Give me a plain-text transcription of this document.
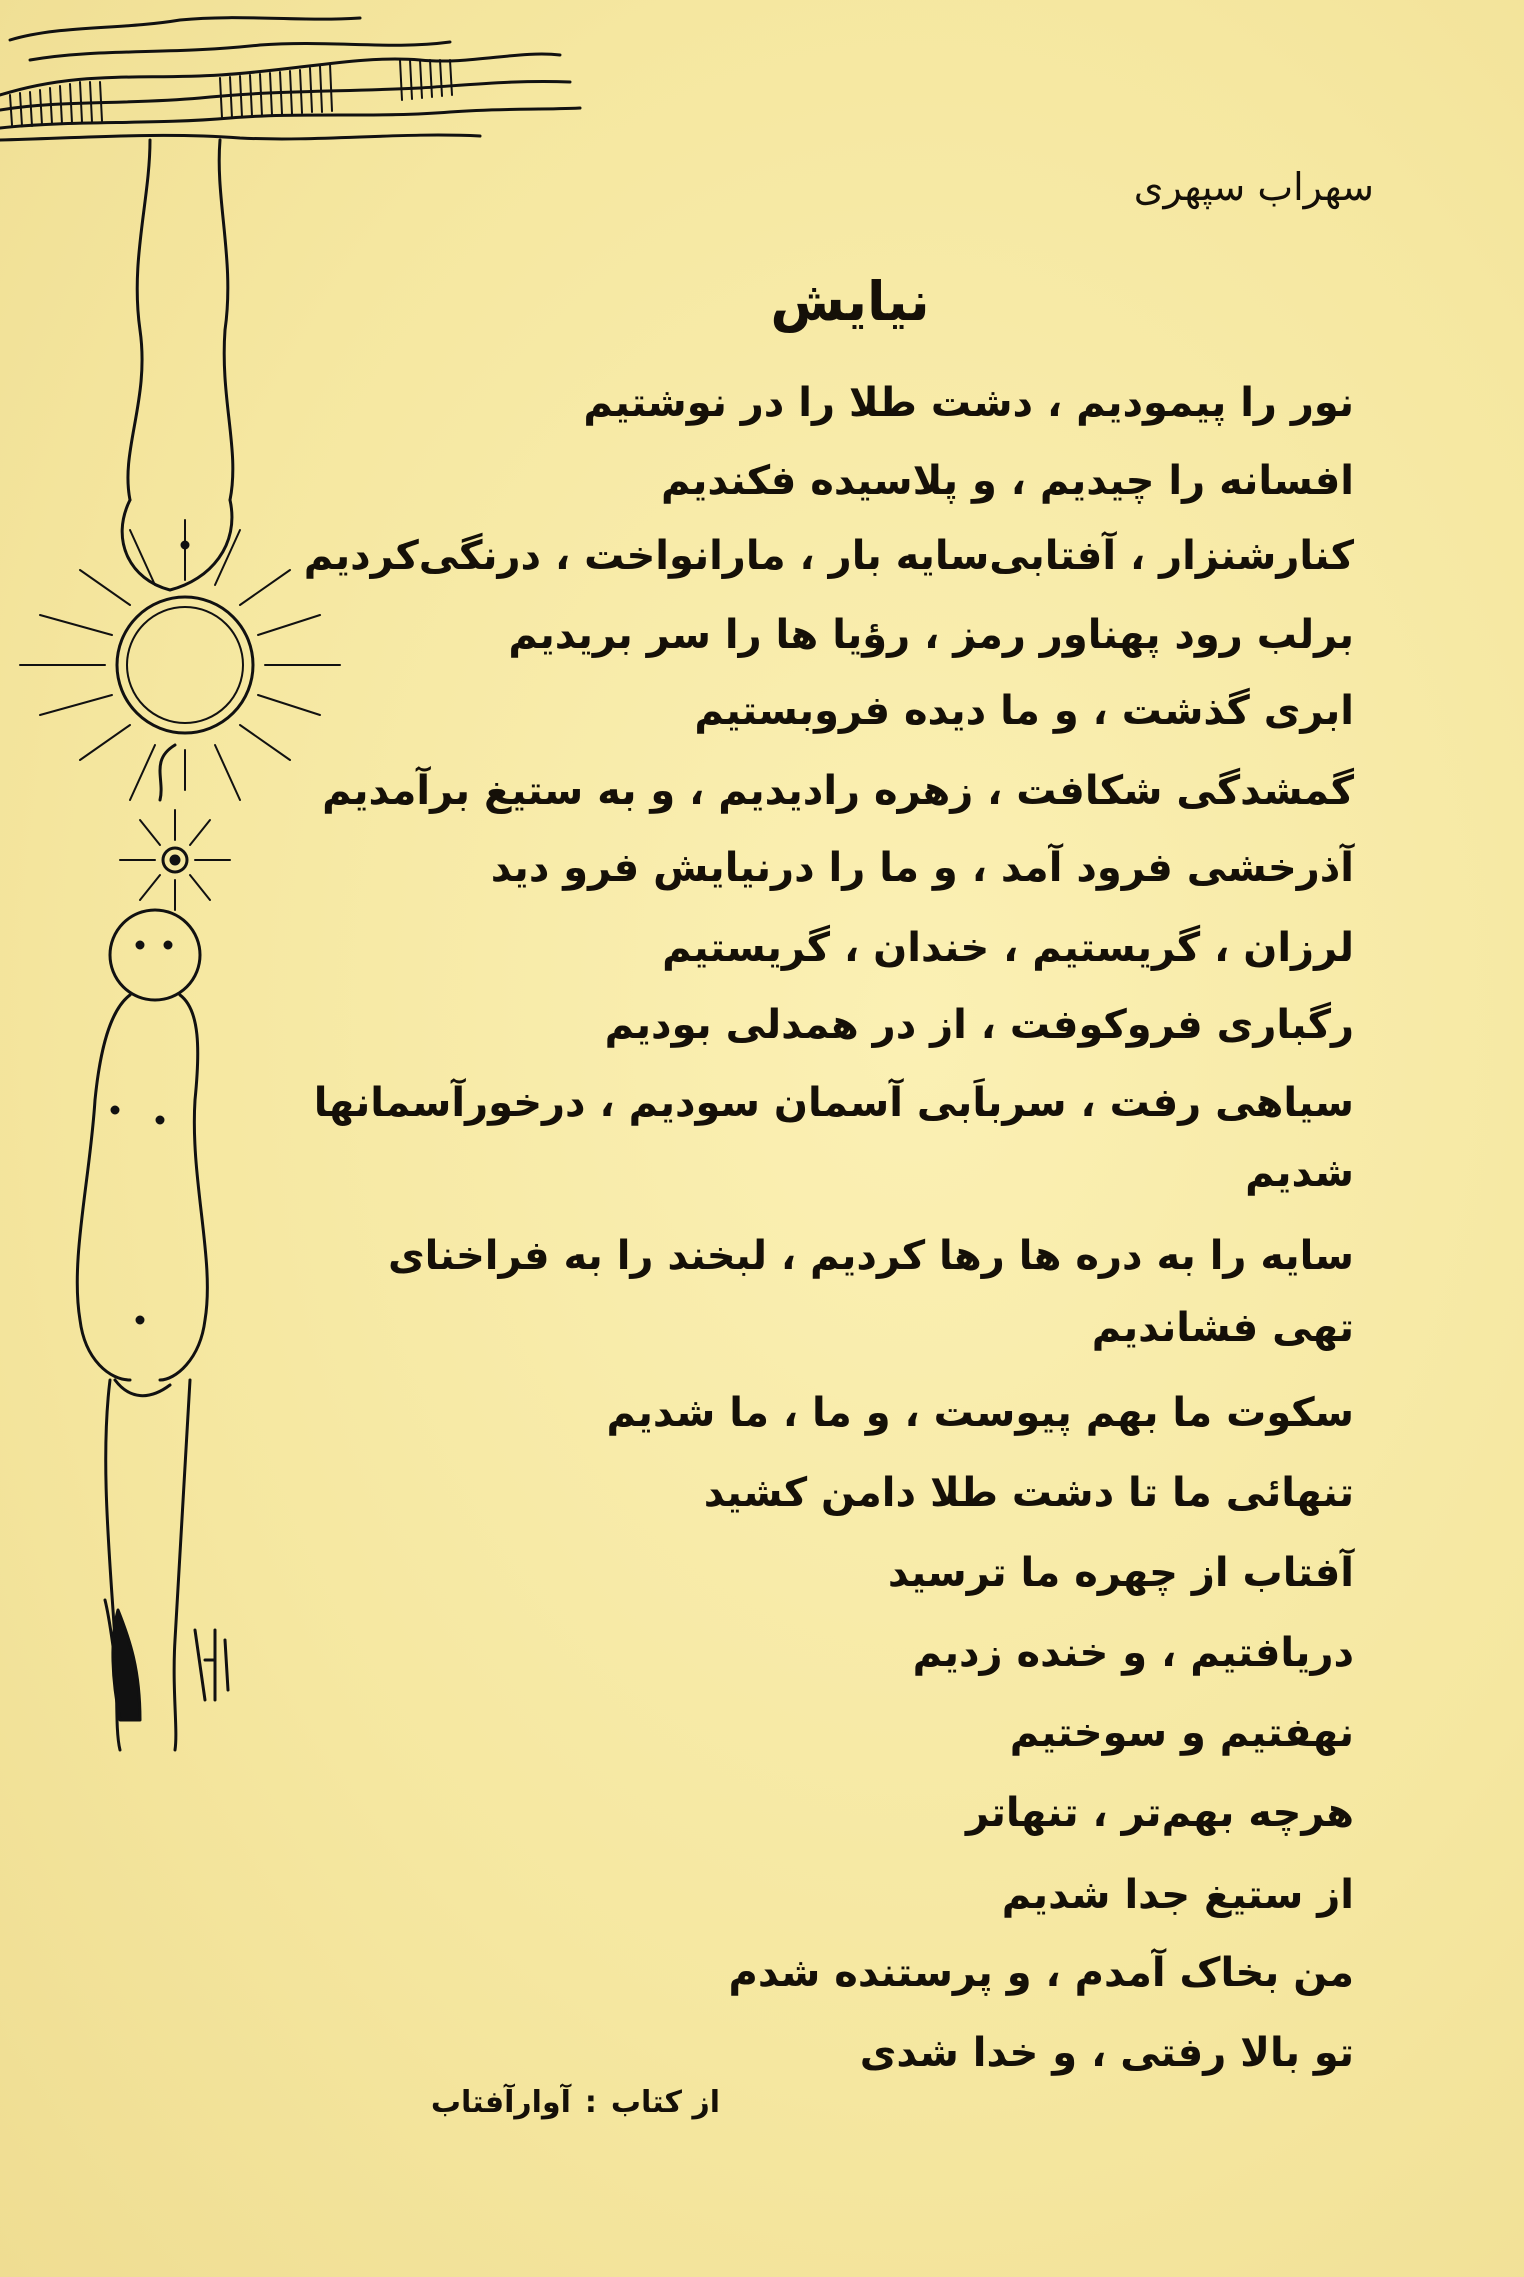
سهراب سپهری
نیایش
نور را پیمودیم ، دشت طلا را در نوشتیم
افسانه را چیدیم ، و پلاسیده فکندیم
کنارشنزار ، آفتابی‌سایه بار ، مارانواخت ، درنگی‌کردیم
برلب رود پهناور رمز ، رؤیا ها را سر بریدیم
ابری گذشت ، و ما دیده فروبستیم
گمشدگی شکافت ، زهره رادیدیم ، و به ستیغ برآمدیم
آذرخشی فرود آمد ، و ما را درنیایش فرو دید
لرزان ، گریستیم ، خندان ، گریستیم
رگباری فروکوفت ، از در همدلی بودیم
سیاهی رفت ، سرباَبی آسمان سودیم ، درخورآسمانها
شدیم
سایه را به دره ها رها کردیم ، لبخند را به فراخنای
تهی فشاندیم
سکوت ما بهم پیوست ، و ما ، ما شدیم
تنهائی ما تا دشت طلا دامن کشید
آفتاب از چهره ما ترسید
دریافتیم ، و خنده زدیم
نهفتیم و سوختیم
هرچه بهم‌تر ، تنهاتر
از ستیغ جدا شدیم
من بخاک آمدم ، و پرستنده شدم
تو بالا رفتی ، و خدا شدی
از کتاب:آوارآفتاب
